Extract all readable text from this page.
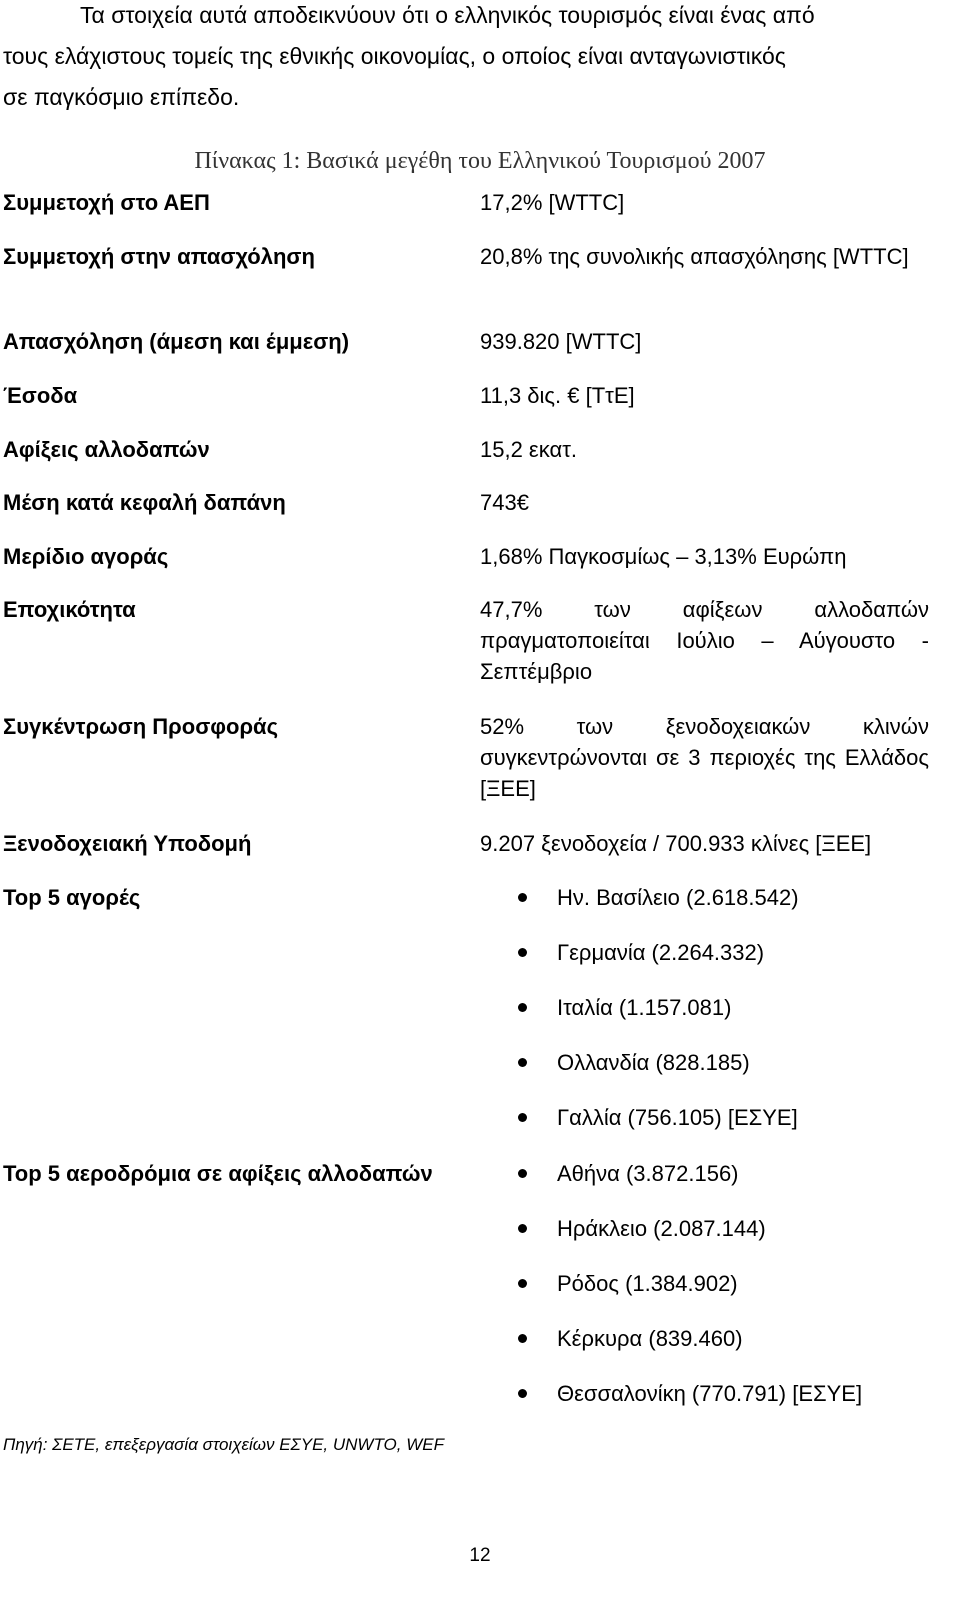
Τα στοιχεία αυτά αποδεικνύουν ότι ο ελληνικός τουρισμός είναι ένας από
τους ελάχιστους τομείς της εθνικής οικονομίας, ο οποίος είναι ανταγωνιστικός
σε παγκόσμιο επίπεδο.
Πίνακας 1: Βασικά μεγέθη του Ελληνικού Τουρισμού 2007
Συμμετοχή στο ΑΕΠ	17,2% [WTTC]
Συμμετοχή στην απασχόληση	20,8% της συνολικής απασχόλησης [WTTC]
Απασχόληση (άμεση και έμμεση)	939.820 [WTTC]
Έσοδα	11,3 δις. € [ΤτΕ]
Αφίξεις αλλοδαπών	15,2 εκατ.
Μέση κατά κεφαλή δαπάνη	743€
Μερίδιο αγοράς	1,68% Παγκοσμίως – 3,13% Ευρώπη
Εποχικότητα	47,7% των αφίξεων αλλοδαπών πραγματοποιείται Ιούλιο – Αύγουστο - Σεπτέμβριο
Συγκέντρωση Προσφοράς	52% των ξενοδοχειακών κλινών συγκεντρώνονται σε 3 περιοχές της Ελλάδος [ΞΕΕ]
Ξενοδοχειακή Υποδομή	9.207 ξενοδοχεία / 700.933 κλίνες [ΞΕΕ]
Top 5 αγορές	Ην. Βασίλειο (2.618.542)
Γερμανία (2.264.332)
Ιταλία (1.157.081)
Ολλανδία (828.185)
Γαλλία (756.105) [ΕΣΥΕ]
Top 5 αεροδρόμια σε αφίξεις αλλοδαπών	Αθήνα (3.872.156)
Ηράκλειο (2.087.144)
Ρόδος (1.384.902)
Κέρκυρα (839.460)
Θεσσαλονίκη (770.791) [ΕΣΥΕ]
Πηγή: ΣΕΤΕ, επεξεργασία στοιχείων ΕΣΥΕ, UNWTO, WEF
12
